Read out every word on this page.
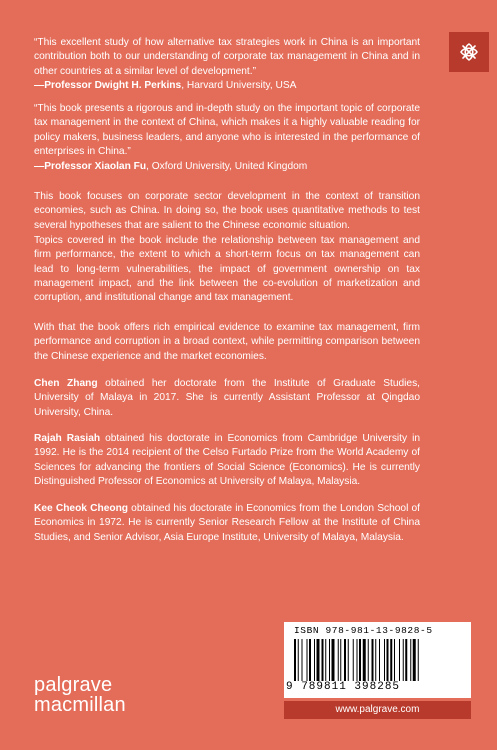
“This excellent study of how alternative tax strategies work in China is an important contribution both to our understanding of corporate tax management in China and in other countries at a similar level of development.”

—Professor Dwight H. Perkins, Harvard University, USA

“This book presents a rigorous and in-depth study on the important topic of corporate tax management in the context of China, which makes it a highly valuable reading for policy makers, business leaders, and anyone who is interested in the performance of enterprises in China.”

—Professor Xiaolan Fu, Oxford University, United Kingdom

This book focuses on corporate sector development in the context of transition economies, such as China. In doing so, the book uses quantitative methods to test several hypotheses that are salient to the Chinese economic situation.

Topics covered in the book include the relationship between tax management and firm performance, the extent to which a short-term focus on tax management can lead to long-term vulnerabilities, the impact of government ownership on tax management impact, and the link between the co-evolution of marketization and corruption, and institutional change and tax management.

With that the book offers rich empirical evidence to examine tax management, firm performance and corruption in a broad context, while permitting comparison between the Chinese experience and the market economies.

Chen Zhang obtained her doctorate from the Institute of Graduate Studies, University of Malaya in 2017. She is currently Assistant Professor at Qingdao University, China.

Rajah Rasiah obtained his doctorate in Economics from Cambridge University in 1992. He is the 2014 recipient of the Celso Furtado Prize from the World Academy of Sciences for advancing the frontiers of Social Science (Economics). He is currently Distinguished Professor of Economics at University of Malaya, Malaysia.

Kee Cheok Cheong obtained his doctorate in Economics from the London School of Economics in 1972. He is currently Senior Research Fellow at the Institute of China Studies, and Senior Advisor, Asia Europe Institute, University of Malaya, Malaysia.

palgrave
macmillan
ISBN 978-981-13-9828-5
9 789811 398285
www.palgrave.com
